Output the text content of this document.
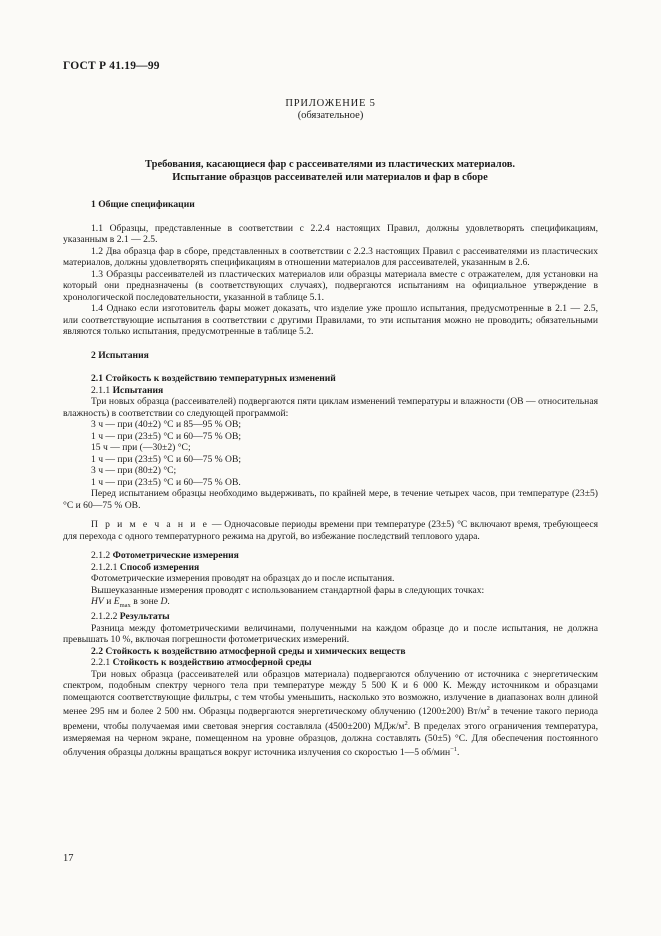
ГОСТ Р 41.19—99
ПРИЛОЖЕНИЕ 5
(обязательное)
Требования, касающиеся фар с рассеивателями из пластических материалов.
Испытание образцов рассеивателей или материалов и фар в сборе

1 Общие спецификации

1.1 Образцы, представленные в соответствии с 2.2.4 настоящих Правил, должны удовлетворять спецификациям, указанным в 2.1 — 2.5.

1.2 Два образца фар в сборе, представленных в соответствии с 2.2.3 настоящих Правил с рассеивателями из пластических материалов, должны удовлетворять спецификациям в отношении материалов для рассеивателей, указанным в 2.6.

1.3 Образцы рассеивателей из пластических материалов или образцы материала вместе с отражателем, для установки на который они предназначены (в соответствующих случаях), подвергаются испытаниям на официальное утверждение в хронологической последовательности, указанной в таблице 5.1.

1.4 Однако если изготовитель фары может доказать, что изделие уже прошло испытания, предусмотренные в 2.1 — 2.5, или соответствующие испытания в соответствии с другими Правилами, то эти испытания можно не проводить; обязательными являются только испытания, предусмотренные в таблице 5.2.

2 Испытания

2.1 Стойкость к воздействию температурных изменений

2.1.1 Испытания

Три новых образца (рассеивателей) подвергаются пяти циклам изменений температуры и влажности (ОВ — относительная влажность) в соответствии со следующей программой:

3 ч — при (40±2) °С и 85—95 % ОВ;

1 ч — при (23±5) °С и 60—75 % ОВ;

15 ч — при (—30±2) °С;

1 ч — при (23±5) °С и 60—75 % ОВ;

3 ч — при (80±2) °С;

1 ч — при (23±5) °С и 60—75 % ОВ.

Перед испытанием образцы необходимо выдерживать, по крайней мере, в течение четырех часов, при температуре (23±5) °С и 60—75 % ОВ.

П р и м е ч а н и е — Одночасовые периоды времени при температуре (23±5) °С включают время, требующееся для перехода с одного температурного режима на другой, во избежание последствий теплового удара.

2.1.2 Фотометрические измерения

2.1.2.1 Способ измерения

Фотометрические измерения проводят на образцах до и после испытания.

Вышеуказанные измерения проводят с использованием стандартной фары в следующих точках:

HV и $E_{max}$ в зоне D.

2.1.2.2 Результаты

Разница между фотометрическими величинами, полученными на каждом образце до и после испытания, не должна превышать 10 %, включая погрешности фотометрических измерений.

2.2 Стойкость к воздействию атмосферной среды и химических веществ

2.2.1 Стойкость к воздействию атмосферной среды

Три новых образца (рассеивателей или образцов материала) подвергаются облучению от источника с энергетическим спектром, подобным спектру черного тела при температуре между 5 500 К и 6 000 К. Между источником и образцами помещаются соответствующие фильтры, с тем чтобы уменьшить, насколько это возможно, излучение в диапазонах волн длиной менее 295 нм и более 2 500 нм. Образцы подвергаются энергетическому облучению (1200±200) $Вт/м^2$ в течение такого периода времени, чтобы получаемая ими световая энергия составляла (4500±200) МДж/$м^2$. В пределах этого ограничения температура, измеряемая на черном экране, помещенном на уровне образцов, должна составлять (50±5) °С. Для обеспечения постоянного облучения образцы должны вращаться вокруг источника излучения со скоростью 1—5 об/мин$^{-1}$.

17
